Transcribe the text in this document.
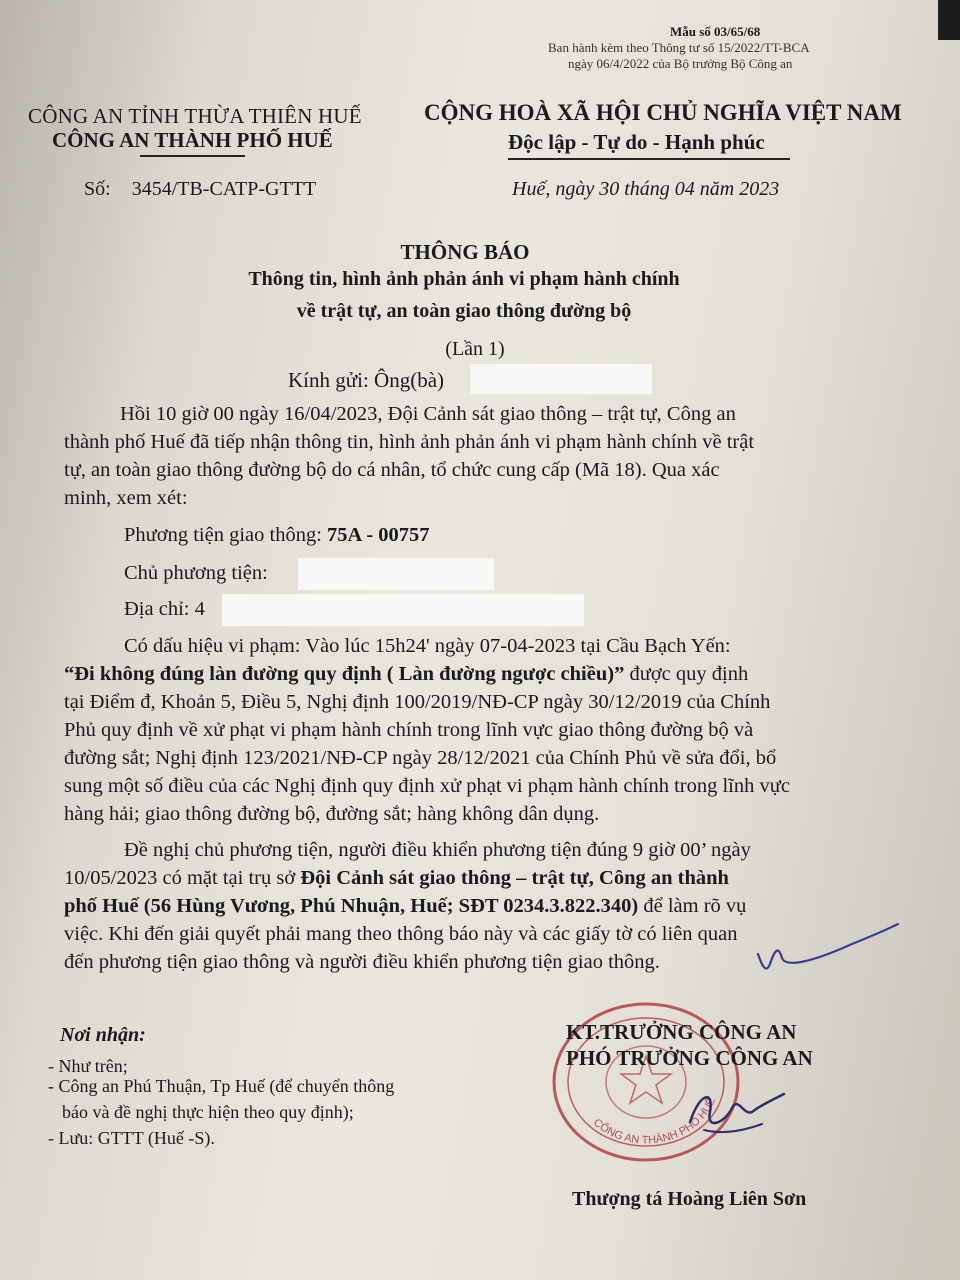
Mẫu số 03/65/68
Ban hành kèm theo Thông tư số 15/2022/TT-BCA
ngày 06/4/2022 của Bộ trưởng Bộ Công an
CÔNG AN TỈNH THỪA THIÊN HUẾ
CÔNG AN THÀNH PHỐ HUẾ
CỘNG HOÀ XÃ HỘI CHỦ NGHĨA VIỆT NAM
Độc lập - Tự do - Hạnh phúc
Số: 3454/TB-CATP-GTTT	Huế, ngày 30 tháng 04 năm 2023
THÔNG BÁO
Thông tin, hình ảnh phản ánh vi phạm hành chính
về trật tự, an toàn giao thông đường bộ
(Lần 1)
Kính gửi: Ông(bà)
Hồi 10 giờ 00 ngày 16/04/2023, Đội Cảnh sát giao thông – trật tự, Công an
thành phố Huế đã tiếp nhận thông tin, hình ảnh phản ánh vi phạm hành chính về trật
tự, an toàn giao thông đường bộ do cá nhân, tổ chức cung cấp (Mã 18). Qua xác
minh, xem xét:
Phương tiện giao thông: 75A - 00757
Chủ phương tiện:
Địa chỉ: 4
Có dấu hiệu vi phạm: Vào lúc 15h24' ngày 07-04-2023 tại Cầu Bạch Yến:
“Đi không đúng làn đường quy định ( Làn đường ngược chiều)” được quy định
tại Điểm đ, Khoản 5, Điều 5, Nghị định 100/2019/NĐ-CP ngày 30/12/2019 của Chính
Phủ quy định về xử phạt vi phạm hành chính trong lĩnh vực giao thông đường bộ và
đường sắt; Nghị định 123/2021/NĐ-CP ngày 28/12/2021 của Chính Phủ về sửa đổi, bổ
sung một số điều của các Nghị định quy định xử phạt vi phạm hành chính trong lĩnh vực
hàng hải; giao thông đường bộ, đường sắt; hàng không dân dụng.
Đề nghị chủ phương tiện, người điều khiển phương tiện đúng 9 giờ 00’ ngày
10/05/2023 có mặt tại trụ sở Đội Cảnh sát giao thông – trật tự, Công an thành
phố Huế (56 Hùng Vương, Phú Nhuận, Huế; SĐT 0234.3.822.340) để làm rõ vụ
việc. Khi đến giải quyết phải mang theo thông báo này và các giấy tờ có liên quan
đến phương tiện giao thông và người điều khiển phương tiện giao thông.
Nơi nhận:
- Như trên;
- Công an Phú Thuận, Tp Huế (để chuyển thông
báo và đề nghị thực hiện theo quy định);
- Lưu: GTTT (Huế -S).
CÔNG AN THÀNH PHỐ HUẾ
KT.TRƯỞNG CÔNG AN
PHÓ TRƯỞNG CÔNG AN
Thượng tá Hoàng Liên Sơn
